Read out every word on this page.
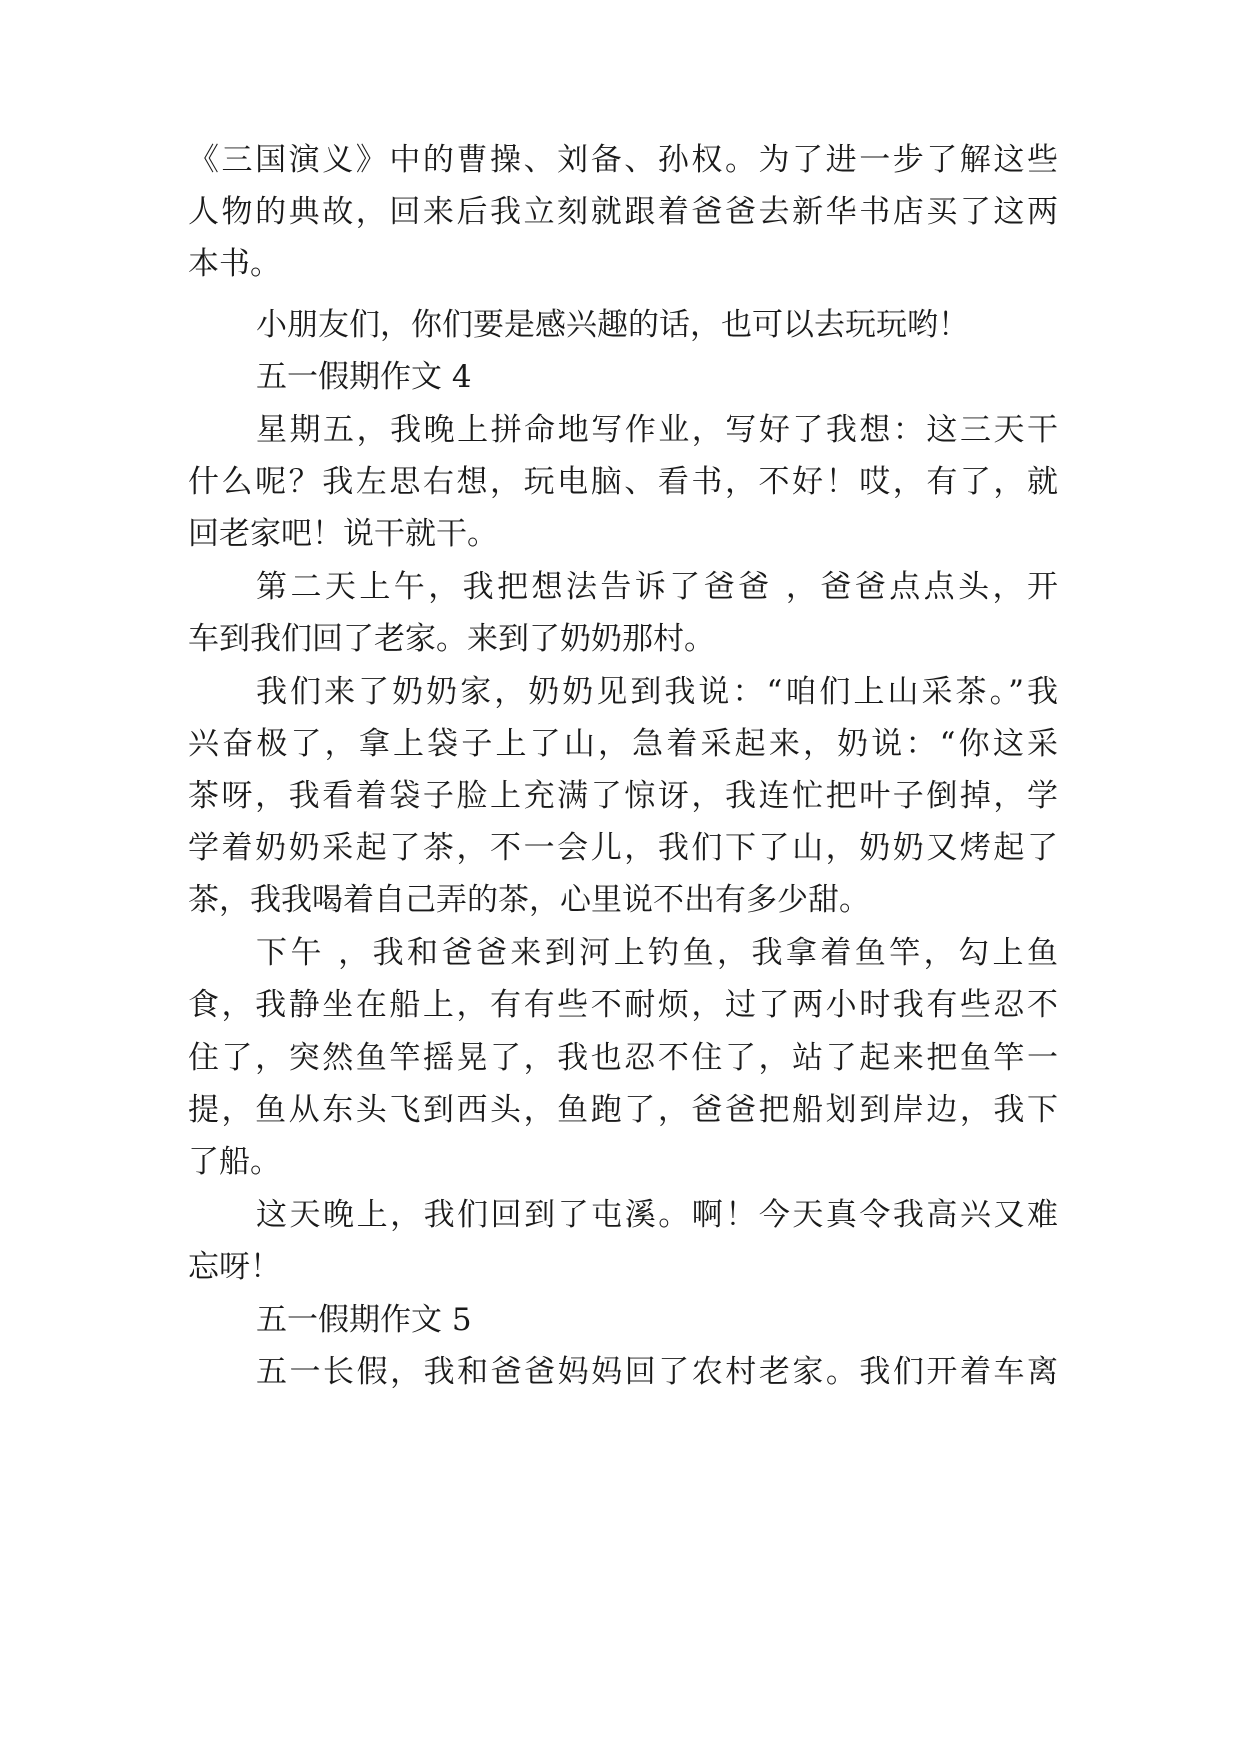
《三国演义》中的曹操、刘备、孙权。为了进一步了解这些
人物的典故，回来后我立刻就跟着爸爸去新华书店买了这两
本书。
小朋友们，你们要是感兴趣的话，也可以去玩玩哟！
五一假期作文 4
星期五，我晚上拼命地写作业，写好了我想：这三天干
什么呢？我左思右想，玩电脑、看书，不好！哎，有了，就
回老家吧！说干就干。
第二天上午，我把想法告诉了爸爸 ，爸爸点点头，开
车到我们回了老家。来到了奶奶那村。
我们来了奶奶家，奶奶见到我说：“咱们上山采茶。”我
兴奋极了，拿上袋子上了山，急着采起来，奶说：“你这采
茶呀，我看着袋子脸上充满了惊讶，我连忙把叶子倒掉，学
学着奶奶采起了茶，不一会儿，我们下了山，奶奶又烤起了
茶，我我喝着自己弄的茶，心里说不出有多少甜。
下午 ，我和爸爸来到河上钓鱼，我拿着鱼竿，勾上鱼
食，我静坐在船上，有有些不耐烦，过了两小时我有些忍不
住了，突然鱼竿摇晃了，我也忍不住了，站了起来把鱼竿一
提，鱼从东头飞到西头，鱼跑了，爸爸把船划到岸边，我下
了船。
这天晚上，我们回到了屯溪。啊！今天真令我高兴又难
忘呀！
五一假期作文 5
五一长假，我和爸爸妈妈回了农村老家。我们开着车离
